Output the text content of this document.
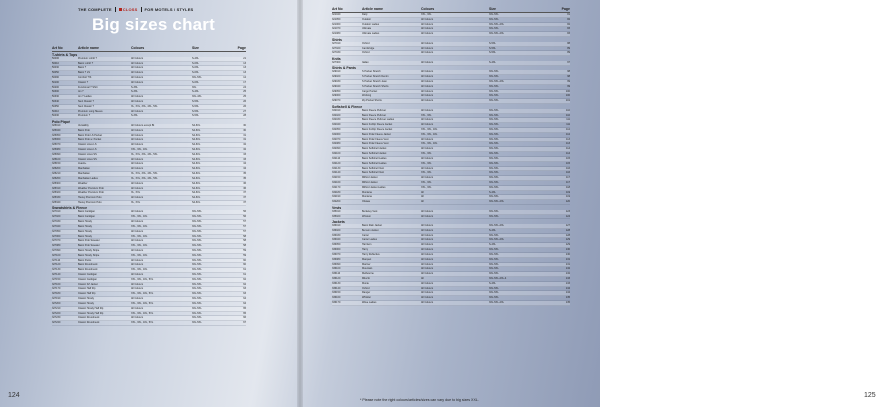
THE COMPLETE	CLOSS FOR MOTELS / STYLES
Big sizes chart
Art No	Article name	Colours	Size	Page
T-shirts & Tops
50006	Premium t-shirt ?	All Colours	S-4XL	21
50010	Basic t-shirt ?	All Colours	S-6XL	13
50030	Basic ?	All Colours	S-6XL	13
50050	Basic ? LS	All Colours	S-6XL	13
50090	Comfort ?/S	All Colours	3XL-5XL	12
50100	Classic ?	All Colours	S-6XL	17
50200	Functional ? Shirt	S-3XL	3XL	24
50300	Ion ?	S-3XL	S-4XL	25
50330	Ion ? Ladies	All Colours	3XL-4XL	25
50340	Next Classic ?	All Colours	S-5XL	26
50350	Next Classic ?	XL, XXL, 3XL, 4XL, 5XL	S-5XL	26
50410	Premium Long Sleeve	All Colours	S-5XL	27
50430	Premium ?	S-3XL	S-5XL	28
Polo Piqué
325010	Versatility	All Colours except Bt	S4-6XL	30
325040	Basic Polo	All Colours	S4-6XL	30
325050	Basic Polo LS Pocket	All Colours	S4-6XL	31
325060	Basic Polo w. Pocket	All Colours	S4-6XL	31
325070	Classic Lines LS	All Colours	S4-6XL	32
325080	Classic Lines LS	XXL, 3XL, 4XL	S4-6XL	32
325090	Classic Lines SS	XL, XXL, 3XL, 4XL, 5XL	S4-6XL	33
325100	Classic Lines SS	All Colours	S4-6XL	33
325150	Avanti+	All Colours	S4-6XL	34
325200	Manhattan	All Colours	S4-6XL	34
325210	Manhattan	XL, XXL, 3XL, 4XL, 5XL	S4-6XL	35
325260	Manhattan Ladies	XL, XXL, 3XL, 4XL, 5XL	S4-6XL	35
325300	Weather	All Colours	S4-6XL	36
325310	Weather Premium Polo	All Colours	S4-6XL	36
325320	Weather Premium Polo	XL, XXL	S4-6XL	37
325330	Heavy Premium Polo	All Colours	S4-6XL	37
325340	Heavy Premium Polo	XL, XXL	S4-6XL	37
Sweatshirts & Fleece
327010	Basic Cardigan	All Colours	3XL-5XL	56
327020	Basic Cardigan	XXL, 3XL, 4XL	3XL-5XL	56
327030	Basic Hoody	All Colours	3XL-5XL	57
327040	Basic Hoody	XXL, 3XL, 4XL	3XL-5XL	57
327050	Basic Hoody	All Colours	3XL-5XL	57
327060	Basic Hoody	XXL, 3XL, 4XL	3XL-5XL	58
327070	Basic Polo Sweater	All Colours	3XL-5XL	58
327080	Basic Polo Sweater	XXL, 3XL, 4XL	3XL-5XL	58
327090	Basic Hoody Stripe	All Colours	3XL-5XL	59
327100	Basic Hoody Stripe	XXL, 3XL, 4XL	3XL-5XL	59
327110	Basic Pants	All Colours	3XL-5XL	60
327120	Basic Roundneck	All Colours	3XL-5XL	60
327130	Basic Roundneck	XXL, 3XL, 4XL	3XL-5XL	61
327140	Classic Cardigan	All Colours	3XL-5XL	61
327150	Classic Cardigan	XXL, 3XL, 4XL, 5XL	3XL-5XL	62
327160	Classic FZ Jacket	All Colours	3XL-5XL	62
327170	Classic Half Zip	All Colours	3XL-5XL	63
327180	Classic Half Zip	XXL, 3XL, 4XL, 5XL	3XL-5XL	63
327190	Classic Hoody	All Colours	3XL-5XL	64
327200	Classic Hoody	XXL, 3XL, 4XL, 5XL	3XL-5XL	64
327210	Classic Hoody Half Zip	All Colours	3XL-5XL	65
327220	Classic Hoody Half Zip	XXL, 3XL, 4XL, 5XL	3XL-5XL	65
327230	Classic Roundneck	All Colours	3XL-5XL	66
327240	Classic Roundneck	XXL, 3XL, 4XL, 5XL	3XL-5XL	67
124
Art No	Article name	Colours	Size	Page
321040	Daily	XXL, 3XL	3XL-5XL	81
321050	Outdoor	All Colours	3XL-5XL	82
321060	Outdoor Ladies	All Colours	3XL-5XL-4XL	82
321070	Ultimate	All Colours	3XL-5XL	83
321080	Ultimate Ladies	All Colours	3XL-5XL-4XL	83
Shirts
327010	Oxford	All Colours	S-5XL	88
327020	Cambridge	All Colours	S-5XL	89
327030	Oxford	All Colours	S-5XL	89
Knits
327300	Italian	All Colours	S-4XL	97
Shirts & Pants
329010	S Pocket Stretch	All Colours	3XL-5XL	98
329020	S Pocket Stretch Denim	All Colours	3XL-5XL	98
329030	S Pocket Stretch Jean	All Colours	3XL-5XL-4XL	99
329040	S Pocket Stretch Shorts	All Colours	3XL-5XL	99
329050	Cargo Pocket	All Colours	3XL-5XL	100
329060	Working	All Colours	3XL-5XL	100
329070	Zip Pocket Shorts	All Colours	3XL-5XL	101
Softshell & Fleece
332010	Basic Fleece Pullover	All Colours	3XL-5XL	110
332020	Basic Fleece Pullover	XXL, 3XL	3XL-5XL	110
332030	Basic Fleece Pullover Ladies	All Colours	3XL-5XL	111
332040	Basic Fullzip Fleece Jacket	All Colours	3XL-5XL	111
332050	Basic Fullzip Fleece Jacket	XXL, 3XL, 4XL	3XL-5XL	112
332060	Basic Polar Fleece Jacket	XXL, 3XL, 4XL	3XL-5XL	112
332070	Basic Polar Fleece Vest	All Colours	3XL-5XL	113
332080	Basic Polar Fleece Vest	XXL, 3XL, 4XL	3XL-5XL	113
332090	Basic Softshell Jacket	All Colours	3XL-5XL	114
332100	Basic Softshell Jacket	XXL, 3XL	3XL-5XL	114
332110	Basic Softshell Ladies	All Colours	3XL-5XL	115
332120	Basic Softshell Ladies	XXL, 3XL	3XL-5XL	115
332130	Basic Softshell Vest	All Colours	3XL-5XL	116
332140	Basic Softshell Vest	XXL, 3XL	3XL-5XL	116
332150	Milford Jacket	All Colours	3XL-5XL	117
332160	Milford Jacket	XXL, 3XL	3XL-5XL	117
332170	Milford Jacket Ladies	XXL, 3XL	3XL-5XL	118
332180	Montana	All	S-4XL	119
332190	Montana	All	3XL-5XL	119
332200	Ottawa	All	3XL-5XL-4XL	120
Vests
335010	Berkeley Vest	All Colours	3XL-5XL	123
335020	Winston	All Colours	3XL-5XL	124
Jackets
336010	Basic Rain Jacket	All Colours	3XL-5XL-4XL	127
336020	Benson Jacket	All Colours	S-4XL	128
336030	Carter	All Colours	3XL-5XL	128
336040	Carter Ladies	All Colours	3XL-5XL-4XL	129
336050	Harrison	All Colours	S-4XL	129
336060	Harry	All Colours	3XL-5XL	130
336070	Harry Reflective	All Colours	3XL-5XL	130
336080	Marquet	All Colours	3XL-5XL	131
336090	Mariner	All Colours	3XL-5XL	131
336100	Mountain	All Colours	3XL-5XL	132
336110	Melbourne	All Colours	3XL-5XL	132
336120	Milo/Jo	All	3XL-5XL-4XL-4	133
336130	Monte	All Colours	S-4XL	133
336140	Oxford	All Colours	3XL-5XL	134
336150	Ranger	All Colours	3XL-5XL	134
336160	Whistler	All Colours	3XL-5XL	135
336170	Wave Ladies	All Colours	3XL-5XL-4XL	135
* Please note the right colours/articles/sizes can vary due to big sizes XXL.
125
